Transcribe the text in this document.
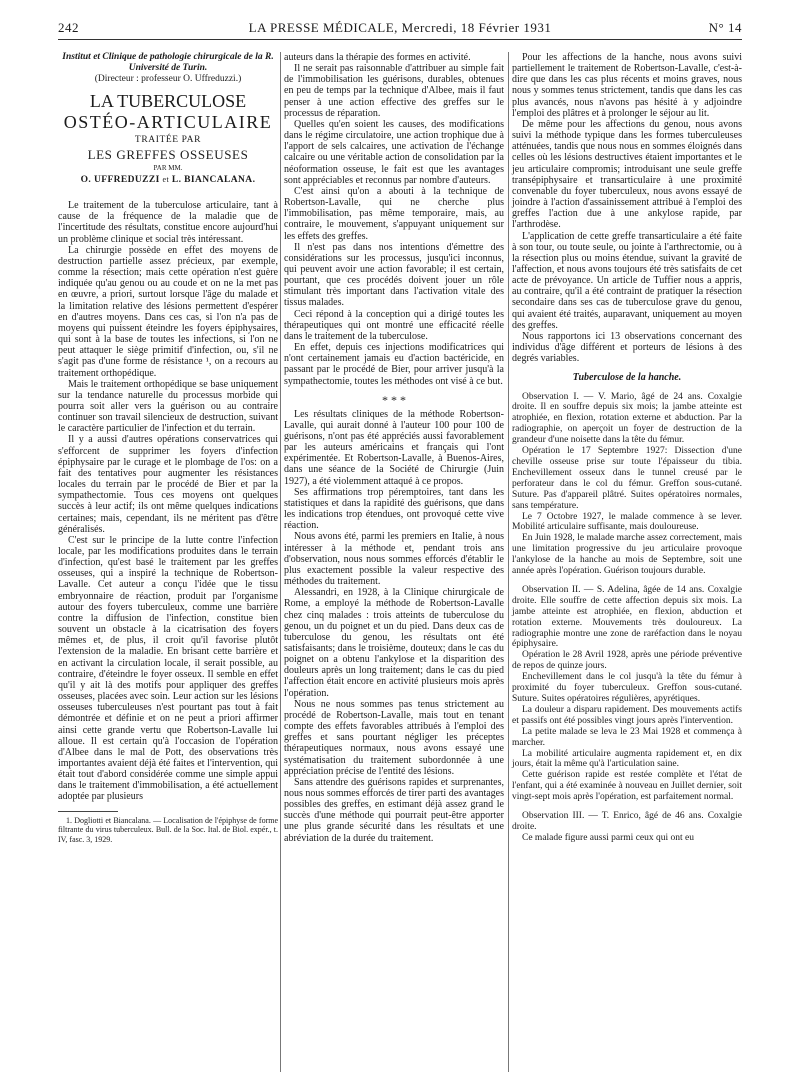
242	LA PRESSE MÉDICALE, Mercredi, 18 Février 1931	N° 14
Institut et Clinique de pathologie chirurgicale de la R. Université de Turin.
(Directeur : professeur O. Uffreduzzi.)
LA TUBERCULOSE
OSTÉO-ARTICULAIRE
TRAITÉE PAR
LES GREFFES OSSEUSES
PAR MM.
O. UFFREDUZZI et L. BIANCALANA.

Le traitement de la tuberculose articulaire, tant à cause de la fréquence de la maladie que de l'incertitude des résultats, constitue encore aujourd'hui un problème clinique et social très intéressant.

La chirurgie possède en effet des moyens de destruction partielle assez précieux, par exemple, comme la résection; mais cette opération n'est guère indiquée qu'au genou ou au coude et on ne la met pas en œuvre, a priori, surtout lorsque l'âge du malade et la limitation relative des lésions permettent d'espérer en d'autres moyens. Dans ces cas, si l'on n'a pas de moyens qui puissent éteindre les foyers épiphysaires, qui sont à la base de toutes les infections, si l'on ne peut attaquer le siège primitif d'infection, ou, s'il ne s'agit pas d'une forme de résistance ¹, on a recours au traitement orthopédique.

Mais le traitement orthopédique se base uniquement sur la tendance naturelle du processus morbide qui pourra soit aller vers la guérison ou au contraire continuer son travail silencieux de destruction, suivant le caractère particulier de l'infection et du terrain.

Il y a aussi d'autres opérations conservatrices qui s'efforcent de supprimer les foyers d'infection épiphysaire par le curage et le plombage de l'os: on a fait des tentatives pour augmenter les résistances locales du terrain par le procédé de Bier et par la sympathectomie. Tous ces moyens ont quelques succès à leur actif; ils ont même quelques indications certaines; mais, cependant, ils ne méritent pas d'être généralisés.

C'est sur le principe de la lutte contre l'infection locale, par les modifications produites dans le terrain d'infection, qu'est basé le traitement par les greffes osseuses, qui a inspiré la technique de Robertson-Lavalle. Cet auteur a conçu l'idée que le tissu embryonnaire de réaction, produit par l'organisme autour des foyers tuberculeux, comme une barrière contre la diffusion de l'infection, constitue bien souvent un obstacle à la cicatrisation des foyers mêmes et, de plus, il croit qu'il favorise plutôt l'extension de la maladie. En brisant cette barrière et en activant la circulation locale, il serait possible, au contraire, d'éteindre le foyer osseux. Il semble en effet qu'il y ait là des motifs pour appliquer des greffes osseuses, placées avec soin. Leur action sur les lésions osseuses tuberculeuses n'est pourtant pas tout à fait démontrée et définie et on ne peut a priori affirmer ainsi cette grande vertu que Robertson-Lavalle lui alloue. Il est certain qu'à l'occasion de l'opération d'Albee dans le mal de Pott, des observations très importantes avaient déjà été faites et l'intervention, qui était tout d'abord considérée comme une simple appui dans le traitement d'immobilisation, a été actuellement adoptée par plusieurs

1. Dogliotti et Biancalana. — Localisation de l'épiphyse de forme filtrante du virus tuberculeux. Bull. de la Soc. Ital. de Biol. expér., t. IV, fasc. 3, 1929.

auteurs dans la thérapie des formes en activité.

Il ne serait pas raisonnable d'attribuer au simple fait de l'immobilisation les guérisons, durables, obtenues en peu de temps par la technique d'Albee, mais il faut penser à une action effective des greffes sur le processus de réparation.

Quelles qu'en soient les causes, des modifications dans le régime circulatoire, une action trophique due à l'apport de sels calcaires, une activation de l'échange calcaire ou une véritable action de consolidation par la néoformation osseuse, le fait est que les avantages sont appréciables et reconnus par nombre d'auteurs.

C'est ainsi qu'on a abouti à la technique de Robertson-Lavalle, qui ne cherche plus l'immobilisation, pas même temporaire, mais, au contraire, le mouvement, s'appuyant uniquement sur les effets des greffes.

Il n'est pas dans nos intentions d'émettre des considérations sur les processus, jusqu'ici inconnus, qui peuvent avoir une action favorable; il est certain, pourtant, que ces procédés doivent jouer un rôle stimulant très important dans l'activation vitale des tissus malades.

Ceci répond à la conception qui a dirigé toutes les thérapeutiques qui ont montré une efficacité réelle dans le traitement de la tuberculose.

En effet, depuis ces injections modificatrices qui n'ont certainement jamais eu d'action bactéricide, en passant par le procédé de Bier, pour arriver jusqu'à la sympathectomie, toutes les méthodes ont visé à ce but.

* * *

Les résultats cliniques de la méthode Robertson-Lavalle, qui aurait donné à l'auteur 100 pour 100 de guérisons, n'ont pas été appréciés aussi favorablement par les auteurs américains et français qui l'ont expérimentée. Et Robertson-Lavalle, à Buenos-Aires, dans une séance de la Société de Chirurgie (Juin 1927), a été violemment attaqué à ce propos.

Ses affirmations trop péremptoires, tant dans les statistiques et dans la rapidité des guérisons, que dans les indications trop étendues, ont provoqué cette vive réaction.

Nous avons été, parmi les premiers en Italie, à nous intéresser à la méthode et, pendant trois ans d'observation, nous nous sommes efforcés d'établir le plus exactement possible la valeur respective des méthodes du traitement.

Alessandri, en 1928, à la Clinique chirurgicale de Rome, a employé la méthode de Robertson-Lavalle chez cinq malades : trois atteints de tuberculose du genou, un du poignet et un du pied. Dans deux cas de tuberculose du genou, les résultats ont été satisfaisants; dans le troisième, douteux; dans le cas du poignet on a obtenu l'ankylose et la disparition des douleurs après un long traitement; dans le cas du pied l'affection était encore en activité plusieurs mois après l'opération.

Nous ne nous sommes pas tenus strictement au procédé de Robertson-Lavalle, mais tout en tenant compte des effets favorables attribués à l'emploi des greffes et sans pourtant négliger les préceptes thérapeutiques normaux, nous avons essayé une systématisation du traitement subordonnée à une appréciation précise de l'entité des lésions.

Sans attendre des guérisons rapides et surprenantes, nous nous sommes efforcés de tirer parti des avantages possibles des greffes, en estimant déjà assez grand le succès d'une méthode qui pourrait peut-être apporter une plus grande sécurité dans les résultats et une abréviation de la durée du traitement.

Pour les affections de la hanche, nous avons suivi partiellement le traitement de Robertson-Lavalle, c'est-à-dire que dans les cas plus récents et moins graves, nous nous y sommes tenus strictement, tandis que dans les cas plus avancés, nous n'avons pas hésité à y adjoindre l'emploi des plâtres et à prolonger le séjour au lit.

De même pour les affections du genou, nous avons suivi la méthode typique dans les formes tuberculeuses atténuées, tandis que nous nous en sommes éloignés dans celles où les lésions destructives étaient importantes et le jeu articulaire compromis; introduisant une seule greffe transépiphysaire et transarticulaire à une proximité convenable du foyer tuberculeux, nous avons essayé de joindre à l'action d'assainissement attribué à l'emploi des greffes l'action due à une ankylose rapide, par l'arthrodèse.

L'application de cette greffe transarticulaire a été faite à son tour, ou toute seule, ou jointe à l'arthrectomie, ou à la résection plus ou moins étendue, suivant la gravité de l'affection, et nous avons toujours été très satisfaits de cet acte de prévoyance. Un article de Tuffier nous a appris, au contraire, qu'il a été contraint de pratiquer la résection secondaire dans ses cas de tuberculose grave du genou, qui avaient été traités, auparavant, uniquement au moyen des greffes.

Nous rapportons ici 13 observations concernant des individus d'âge différent et porteurs de lésions à des degrés variables.

Tuberculose de la hanche.

Observation I. — V. Mario, âgé de 24 ans. Coxalgie droite. Il en souffre depuis six mois; la jambe atteinte est atrophiée, en flexion, rotation externe et abduction. Par la radiographie, on aperçoit un foyer de destruction de la grandeur d'une noisette dans la tête du fémur.

Opération le 17 Septembre 1927: Dissection d'une cheville osseuse prise sur toute l'épaisseur du tibia. Enchevillement osseux dans le tunnel creusé par le perforateur dans le col du fémur. Greffon sous-cutané. Suture. Pas d'appareil plâtré. Suites opératoires normales, sans température.

Le 7 Octobre 1927, le malade commence à se lever. Mobilité articulaire suffisante, mais douloureuse.

En Juin 1928, le malade marche assez correctement, mais une limitation progressive du jeu articulaire provoque l'ankylose de la hanche au mois de Septembre, soit une année après l'opération. Guérison toujours durable.

Observation II. — S. Adelina, âgée de 14 ans. Coxalgie droite. Elle souffre de cette affection depuis six mois. La jambe atteinte est atrophiée, en flexion, abduction et rotation externe. Mouvements très douloureux. La radiographie montre une zone de raréfaction dans le noyau épiphysaire.

Opération le 28 Avril 1928, après une période préventive de repos de quinze jours.

Enchevillement dans le col jusqu'à la tête du fémur à proximité du foyer tuberculeux. Greffon sous-cutané. Suture. Suites opératoires régulières, apyrétiques.

La douleur a disparu rapidement. Des mouvements actifs et passifs ont été possibles vingt jours après l'intervention.

La petite malade se leva le 23 Mai 1928 et commença à marcher.

La mobilité articulaire augmenta rapidement et, en dix jours, était la même qu'à l'articulation saine.

Cette guérison rapide est restée complète et l'état de l'enfant, qui a été examinée à nouveau en Juillet dernier, soit vingt-sept mois après l'opération, est parfaitement normal.

Observation III. — T. Enrico, âgé de 46 ans. Coxalgie droite.

Ce malade figure aussi parmi ceux qui ont eu
